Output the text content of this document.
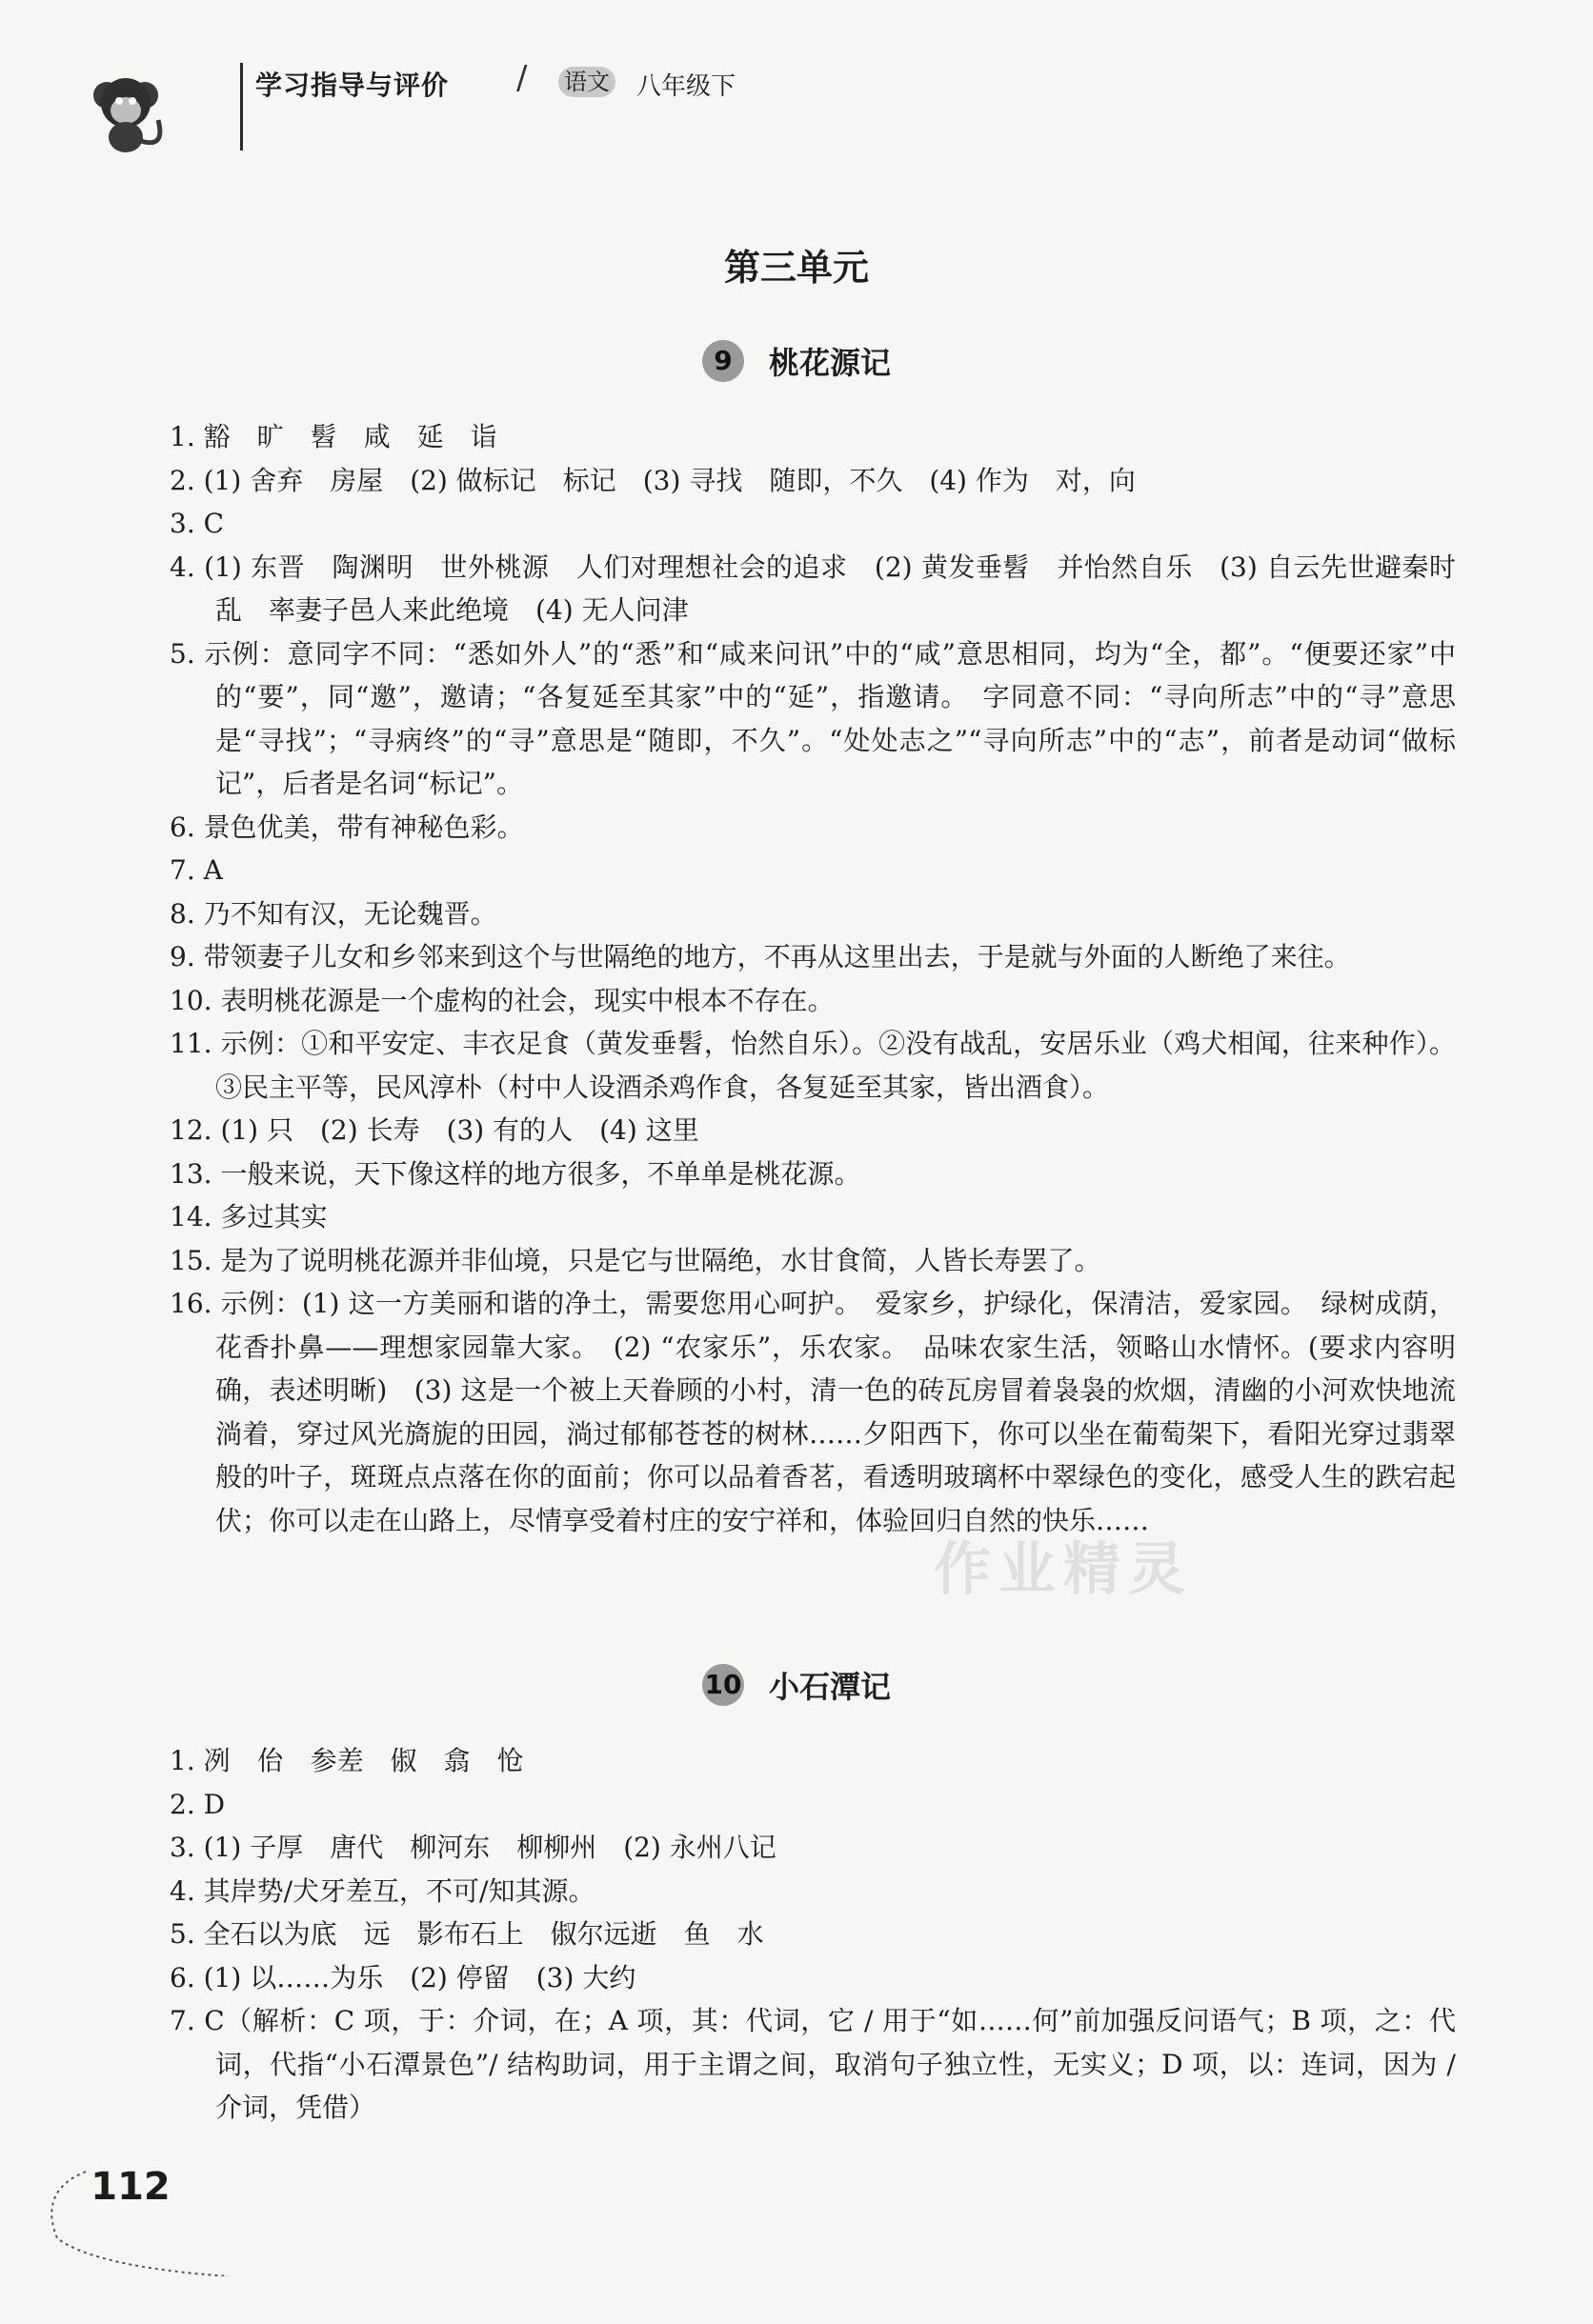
学习指导与评价 / 语文 八年级下
第三单元
9 桃花源记

1. 豁　旷　髫　咸　延　诣

2. (1) 舍弃　房屋　(2) 做标记　标记　(3) 寻找　随即，不久　(4) 作为　对，向

3. C

4. (1) 东晋　陶渊明　世外桃源　人们对理想社会的追求　(2) 黄发垂髫　并怡然自乐　(3) 自云先世避秦时乱　率妻子邑人来此绝境　(4) 无人问津

5. 示例：意同字不同：“悉如外人”的“悉”和“咸来问讯”中的“咸”意思相同，均为“全，都”。“便要还家”中的“要”，同“邀”，邀请；“各复延至其家”中的“延”，指邀请。　字同意不同：“寻向所志”中的“寻”意思是“寻找”；“寻病终”的“寻”意思是“随即，不久”。“处处志之”“寻向所志”中的“志”，前者是动词“做标记”，后者是名词“标记”。

6. 景色优美，带有神秘色彩。

7. A

8. 乃不知有汉，无论魏晋。

9. 带领妻子儿女和乡邻来到这个与世隔绝的地方，不再从这里出去，于是就与外面的人断绝了来往。

10. 表明桃花源是一个虚构的社会，现实中根本不存在。

11. 示例：①和平安定、丰衣足食（黄发垂髫，怡然自乐）。②没有战乱，安居乐业（鸡犬相闻，往来种作）。③民主平等，民风淳朴（村中人设酒杀鸡作食，各复延至其家，皆出酒食）。

12. (1) 只　(2) 长寿　(3) 有的人　(4) 这里

13. 一般来说，天下像这样的地方很多，不单单是桃花源。

14. 多过其实

15. 是为了说明桃花源并非仙境，只是它与世隔绝，水甘食简，人皆长寿罢了。

16. 示例：(1) 这一方美丽和谐的净土，需要您用心呵护。　爱家乡，护绿化，保清洁，爱家园。　绿树成荫，花香扑鼻——理想家园靠大家。　(2) “农家乐”，乐农家。　品味农家生活，领略山水情怀。(要求内容明确，表述明晰)　(3) 这是一个被上天眷顾的小村，清一色的砖瓦房冒着袅袅的炊烟，清幽的小河欢快地流淌着，穿过风光旖旎的田园，淌过郁郁苍苍的树林……夕阳西下，你可以坐在葡萄架下，看阳光穿过翡翠般的叶子，斑斑点点落在你的面前；你可以品着香茗，看透明玻璃杯中翠绿色的变化，感受人生的跌宕起伏；你可以走在山路上，尽情享受着村庄的安宁祥和，体验回归自然的快乐……

10 小石潭记

1. 冽　佁　参差　俶　翕　怆

2. D

3. (1) 子厚　唐代　柳河东　柳柳州　(2) 永州八记

4. 其岸势/犬牙差互，不可/知其源。

5. 全石以为底　远　影布石上　俶尔远逝　鱼　水

6. (1) 以……为乐　(2) 停留　(3) 大约

7. C（解析：C 项，于：介词，在；A 项，其：代词，它 / 用于“如……何”前加强反问语气；B 项，之：代词，代指“小石潭景色”/ 结构助词，用于主谓之间，取消句子独立性，无实义；D 项，以：连词，因为 / 介词，凭借）

112
作业精灵
